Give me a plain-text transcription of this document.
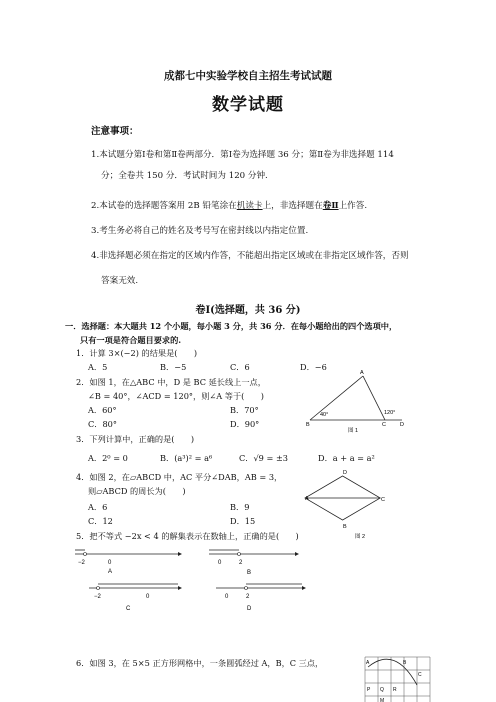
成都七中实验学校自主招生考试试题
数学试题
注意事项：
1.本试题分第Ⅰ卷和第Ⅱ卷两部分．第Ⅰ卷为选择题 36 分；第Ⅱ卷为非选择题 114
分；全卷共 150 分．考试时间为 120 分钟.
2.本试卷的选择题答案用 2B 铅笔涂在机读卡上，非选择题在卷Ⅱ上作答.
3.考生务必将自己的姓名及考号写在密封线以内指定位置.
4.非选择题必须在指定的区域内作答，不能超出指定区域或在非指定区域作答，否则
答案无效.
卷Ⅰ(选择题，共 36 分)
一．选择题：本大题共 12 个小题，每小题 3 分，共 36 分．在每小题给出的四个选项中，
只有一项是符合题目要求的.
1．计算 3×(−2) 的结果是(　　)
A．5	B．−5	C．6	D．−6
2．如图 1，在△ABC 中，D 是 BC 延长线上一点，
∠B = 40°，∠ACD = 120°，则∠A 等于(　　)
A．60°	B．70°
C．80°	D．90°
A
B	C	D
40°	120°
图 1
3．下列计算中，正确的是(　　)
A．2⁰ = 0	B．(a³)² = a⁶	C．√9 = ±3	D．a + a = a²
4．如图 2，在▱ABCD 中，AC 平分∠DAB，AB = 3，
则▱ABCD 的周长为(　　)
A．6	B．9
C．12	D．15
A
D
C
B
图 2
5．把不等式 −2x < 4 的解集表示在数轴上，正确的是(　　)
−2	0
A
0	2
B
−2	0
C
0	2
D
6．如图 3，在 5×5 正方形网格中，一条圆弧经过 A，B，C 三点，	A	B
C
P Q R
M
